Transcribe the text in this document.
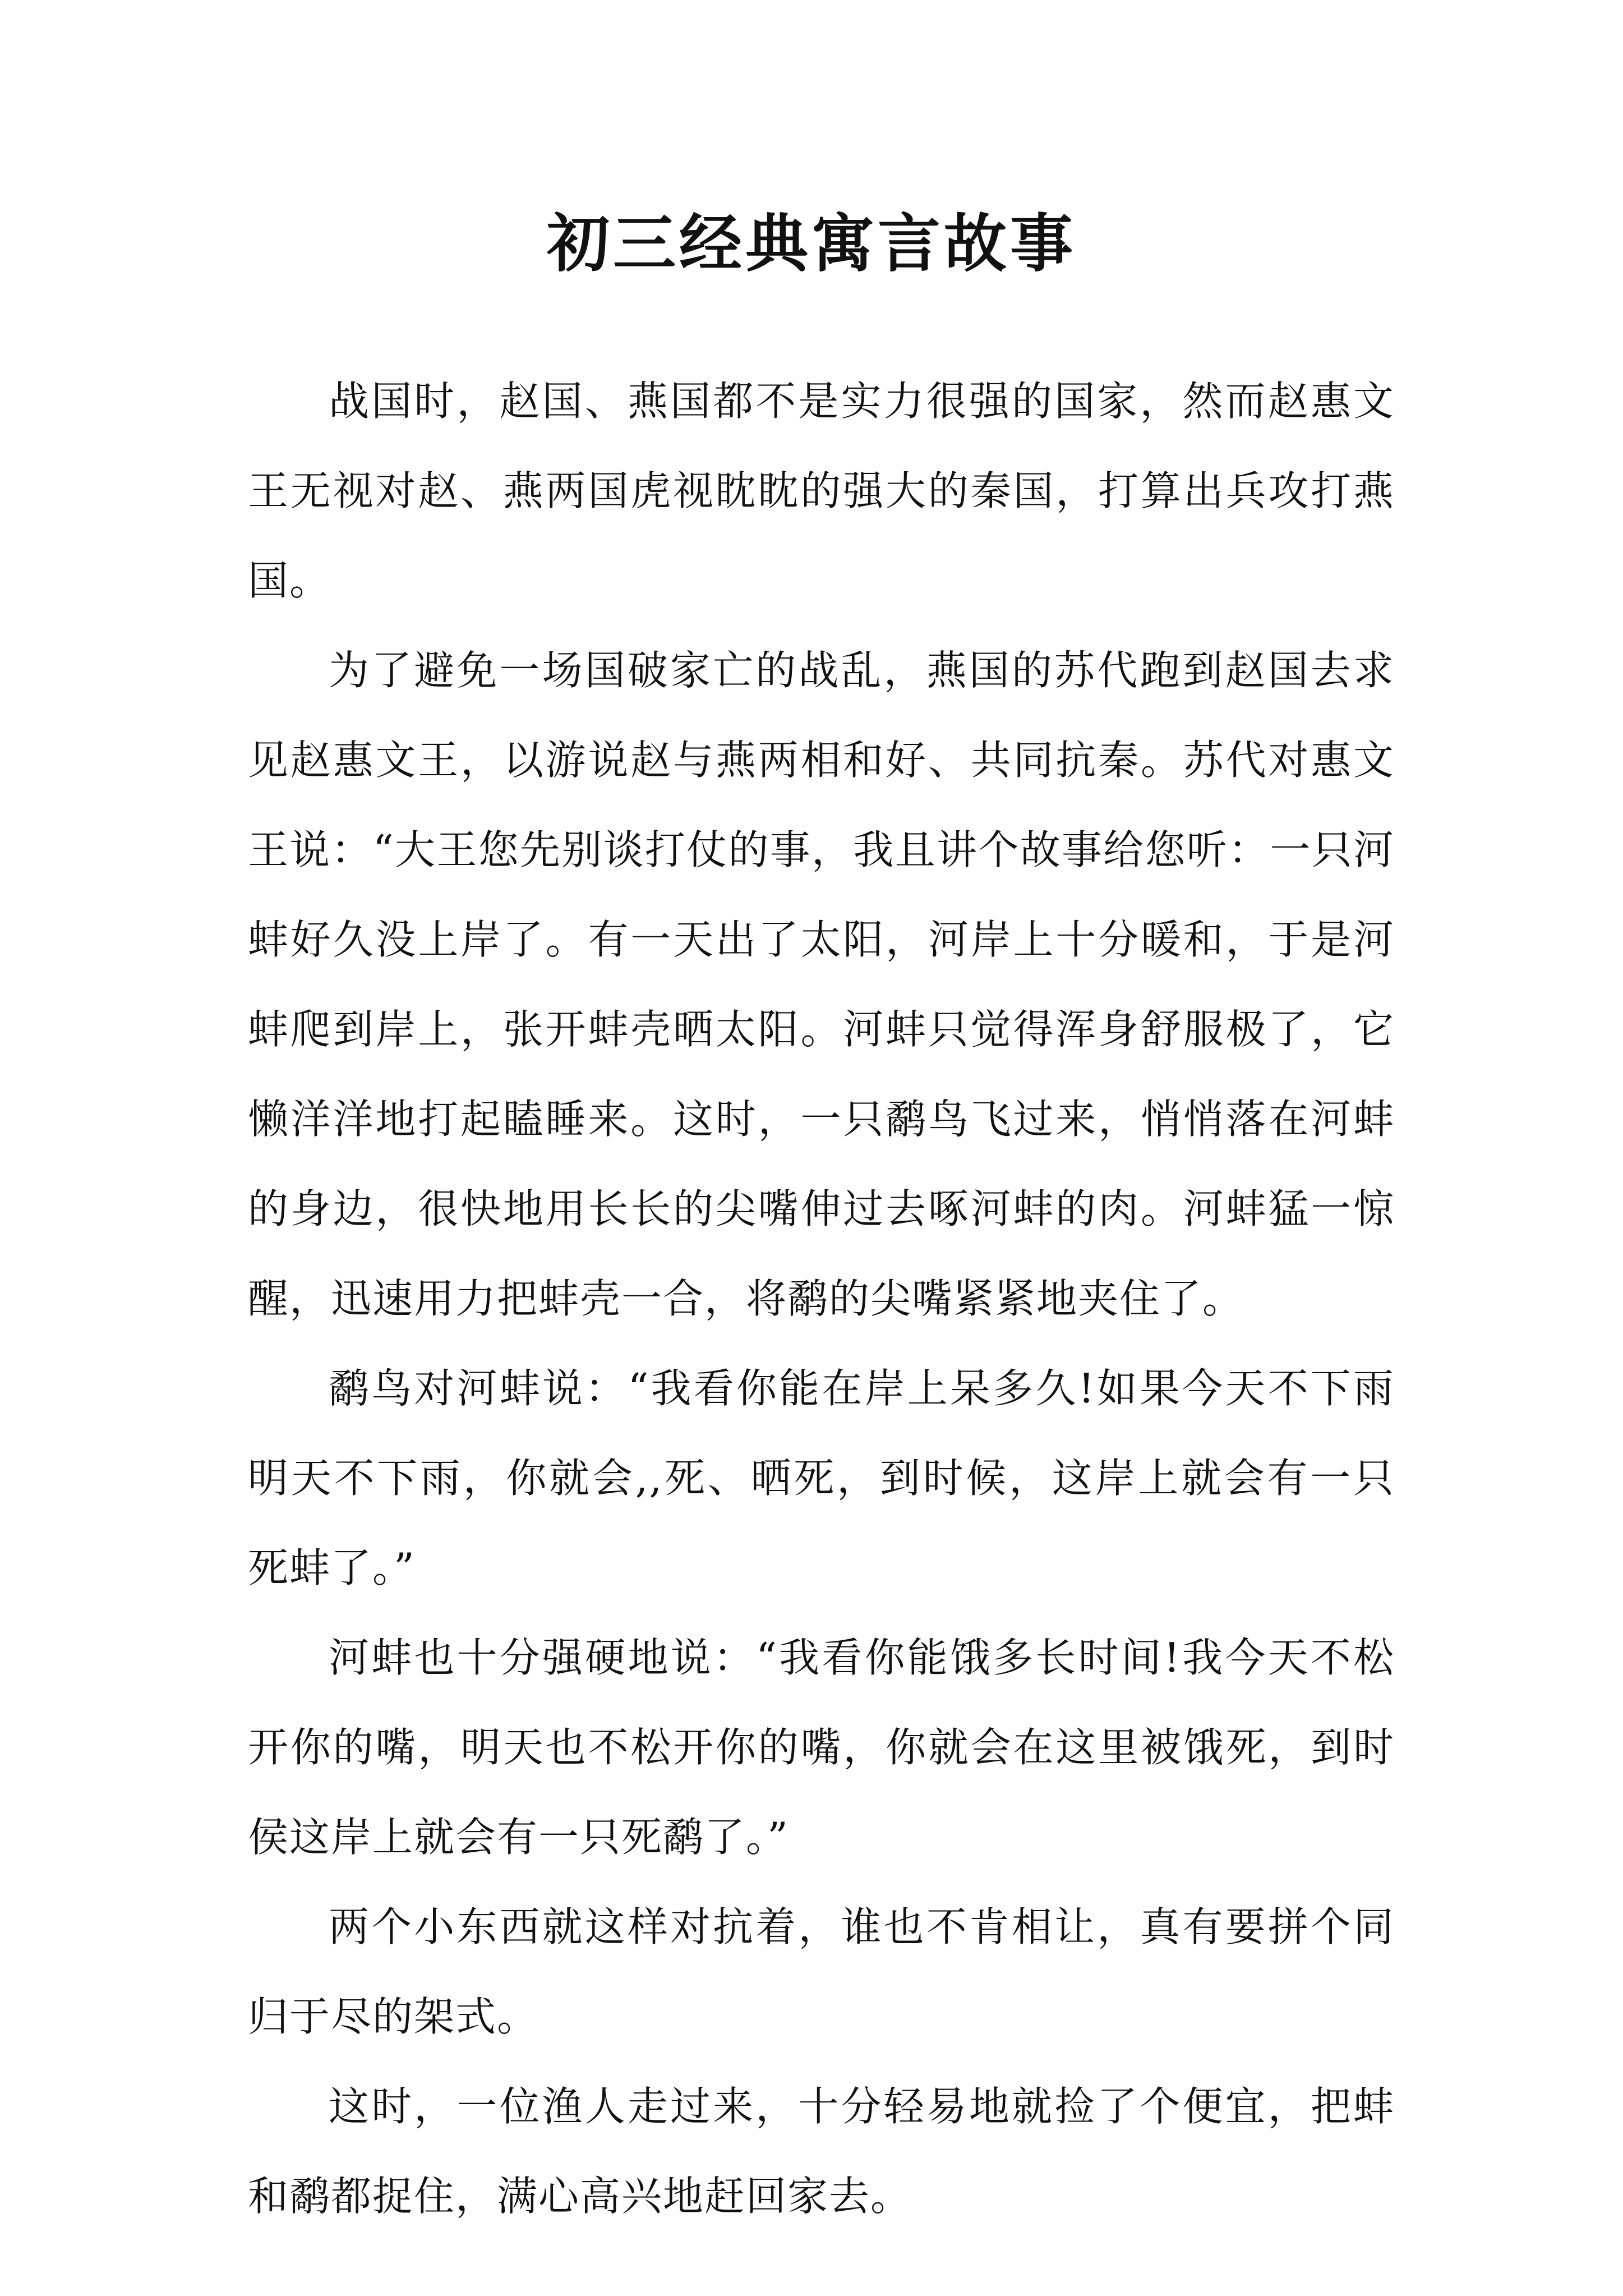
初三经典寓言故事

战国时，赵国、燕国都不是实力很强的国家，然而赵惠文王无视对赵、燕两国虎视眈眈的强大的秦国，打算出兵攻打燕国。

为了避免一场国破家亡的战乱，燕国的苏代跑到赵国去求见赵惠文王，以游说赵与燕两相和好、共同抗秦。苏代对惠文王说：“大王您先别谈打仗的事，我且讲个故事给您听：一只河蚌好久没上岸了。有一天出了太阳，河岸上十分暖和，于是河蚌爬到岸上，张开蚌壳晒太阳。河蚌只觉得浑身舒服极了，它懒洋洋地打起瞌睡来。这时，一只鹬鸟飞过来，悄悄落在河蚌的身边，很快地用长长的尖嘴伸过去啄河蚌的肉。河蚌猛一惊醒，迅速用力把蚌壳一合，将鹬的尖嘴紧紧地夹住了。

鹬鸟对河蚌说：“我看你能在岸上呆多久!如果今天不下雨明天不下雨，你就会,,死、晒死，到时候，这岸上就会有一只死蚌了。”

河蚌也十分强硬地说：“我看你能饿多长时间!我今天不松开你的嘴，明天也不松开你的嘴，你就会在这里被饿死，到时侯这岸上就会有一只死鹬了。”

两个小东西就这样对抗着，谁也不肯相让，真有要拼个同归于尽的架式。

这时，一位渔人走过来，十分轻易地就捡了个便宜，把蚌和鹬都捉住，满心高兴地赶回家去。
